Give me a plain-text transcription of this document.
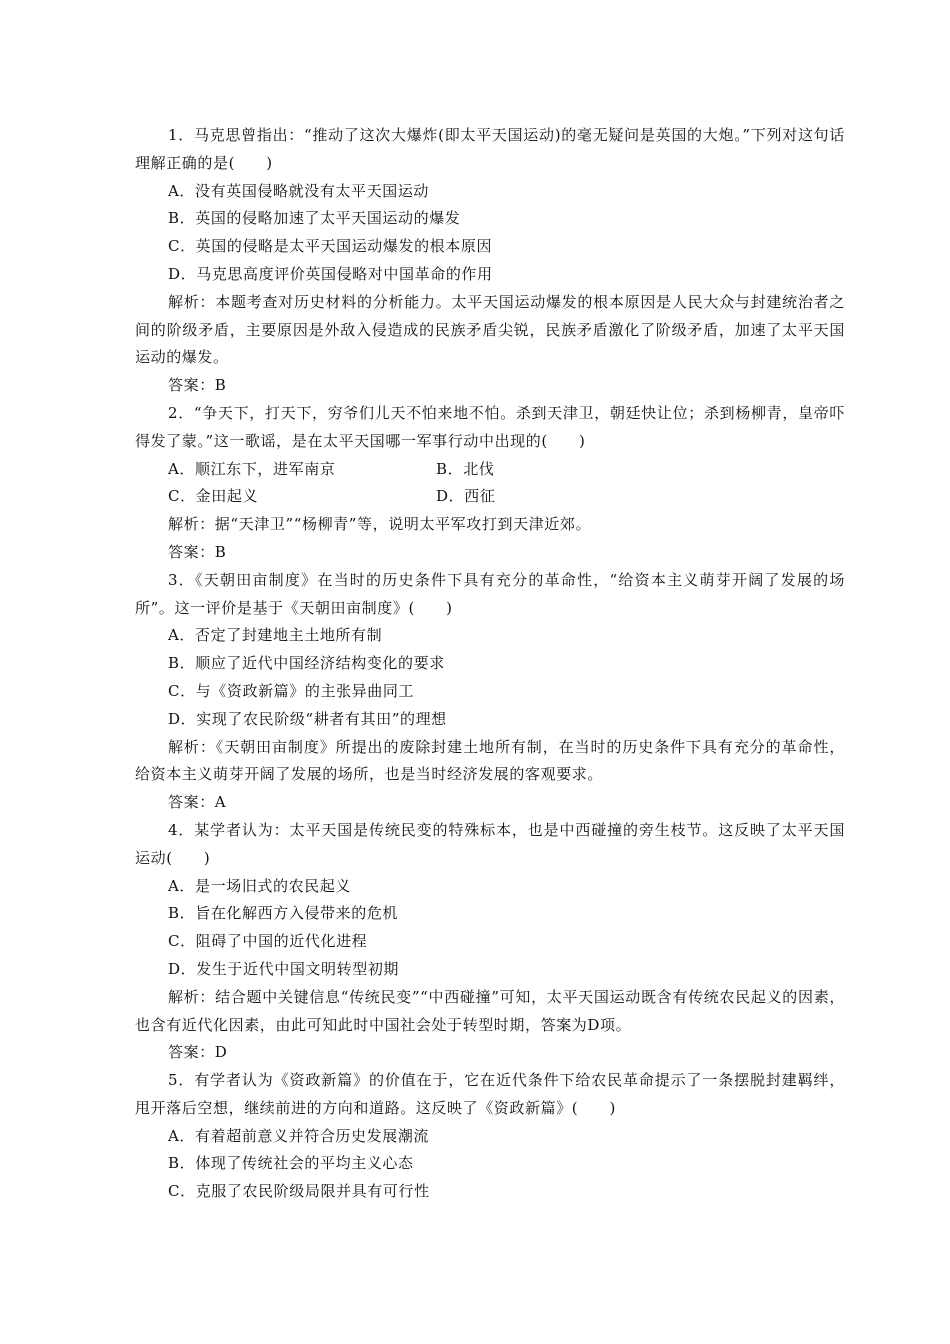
1．马克思曾指出：“推动了这次大爆炸(即太平天国运动)的毫无疑问是英国的大炮。”下列对这句话理解正确的是(　　)

A．没有英国侵略就没有太平天国运动

B．英国的侵略加速了太平天国运动的爆发

C．英国的侵略是太平天国运动爆发的根本原因

D．马克思高度评价英国侵略对中国革命的作用

解析：本题考查对历史材料的分析能力。太平天国运动爆发的根本原因是人民大众与封建统治者之间的阶级矛盾，主要原因是外敌入侵造成的民族矛盾尖锐，民族矛盾激化了阶级矛盾，加速了太平天国运动的爆发。

答案：B

2．“争天下，打天下，穷爷们儿天不怕来地不怕。杀到天津卫，朝廷快让位；杀到杨柳青，皇帝吓得发了蒙。”这一歌谣，是在太平天国哪一军事行动中出现的(　　)

A．顺江东下，进军南京	B．北伐
C．金田起义	D．西征

解析：据“天津卫”“杨柳青”等，说明太平军攻打到天津近郊。

答案：B

3．《天朝田亩制度》在当时的历史条件下具有充分的革命性，“给资本主义萌芽开阔了发展的场所”。这一评价是基于《天朝田亩制度》(　　)

A．否定了封建地主土地所有制

B．顺应了近代中国经济结构变化的要求

C．与《资政新篇》的主张异曲同工

D．实现了农民阶级“耕者有其田”的理想

解析：《天朝田亩制度》所提出的废除封建土地所有制，在当时的历史条件下具有充分的革命性，给资本主义萌芽开阔了发展的场所，也是当时经济发展的客观要求。

答案：A

4．某学者认为：太平天国是传统民变的特殊标本，也是中西碰撞的旁生枝节。这反映了太平天国运动(　　)

A．是一场旧式的农民起义

B．旨在化解西方入侵带来的危机

C．阻碍了中国的近代化进程

D．发生于近代中国文明转型初期

解析：结合题中关键信息“传统民变”“中西碰撞”可知，太平天国运动既含有传统农民起义的因素，也含有近代化因素，由此可知此时中国社会处于转型时期，答案为D项。

答案：D

5．有学者认为《资政新篇》的价值在于，它在近代条件下给农民革命提示了一条摆脱封建羁绊，甩开落后空想，继续前进的方向和道路。这反映了《资政新篇》(　　)

A．有着超前意义并符合历史发展潮流

B．体现了传统社会的平均主义心态

C．克服了农民阶级局限并具有可行性
